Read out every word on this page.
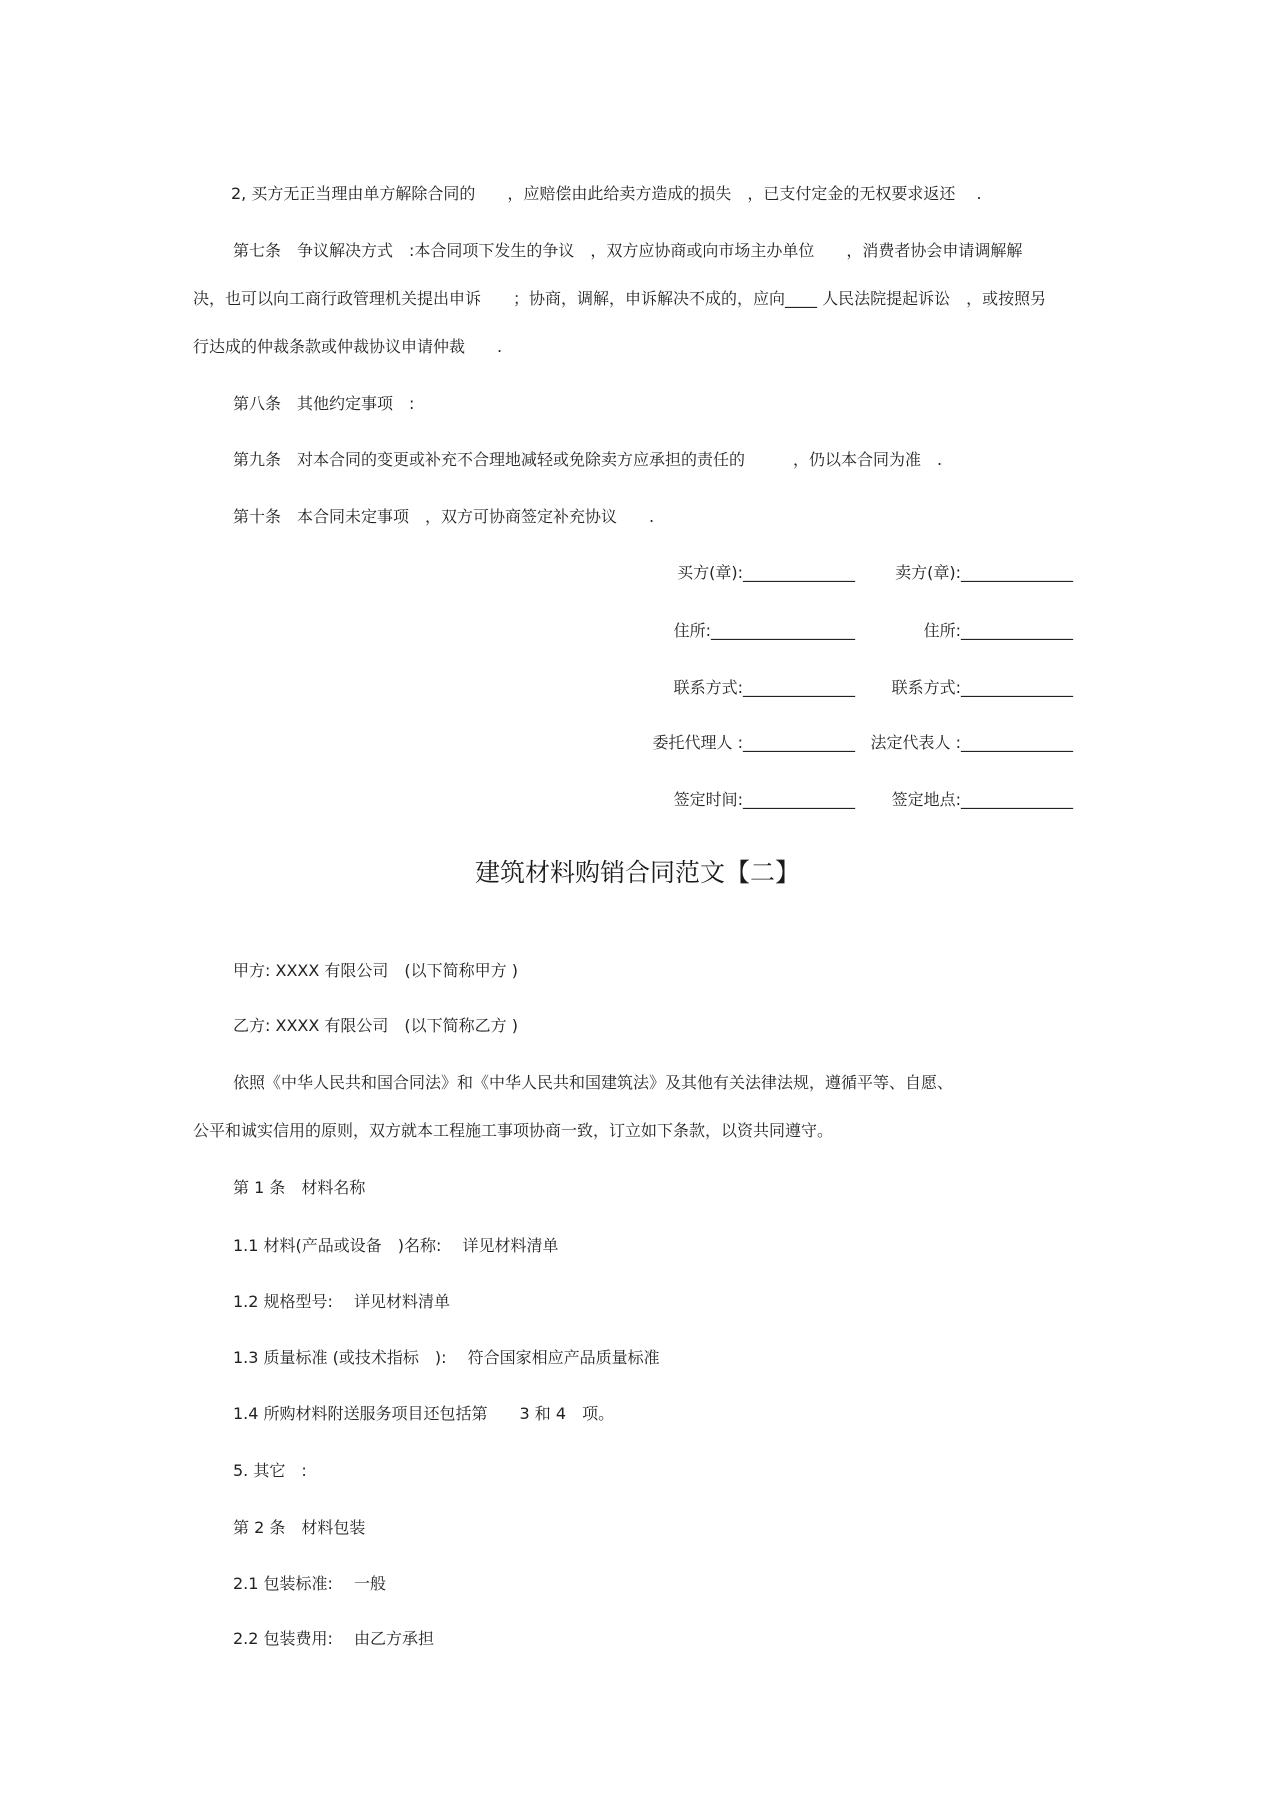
2, 买方无正当理由单方解除合同的　　，应赔偿由此给卖方造成的损失　，已支付定金的无权要求返还　 .
第七条　争议解决方式　:本合同项下发生的争议　，双方应协商或向市场主办单位　　，消费者协会申请调解解
决，也可以向工商行政管理机关提出申诉　　；协商，调解，申诉解决不成的，应向____ 人民法院提起诉讼　，或按照另
行达成的仲裁条款或仲裁协议申请仲裁　　.
第八条　其他约定事项　:
第九条　对本合同的变更或补充不合理地减轻或免除卖方应承担的责任的　　　，仍以本合同为准　.
第十条　本合同未定事项　，双方可协商签定补充协议　　.
买方(章):______________	卖方(章):______________
住所:__________________	住所:______________
联系方式:______________ 联系方式:______________
委托代理人 :______________ 法定代表人 :______________
签定时间:______________ 签定地点:______________
建筑材料购销合同范文【二】
甲方: XXXX 有限公司　(以下简称甲方 )
乙方: XXXX 有限公司　(以下简称乙方 )
依照《中华人民共和国合同法》和《中华人民共和国建筑法》及其他有关法律法规，遵循平等、自愿、
公平和诚实信用的原则，双方就本工程施工事项协商一致，订立如下条款，以资共同遵守。
第 1 条　材料名称
1.1 材料(产品或设备　)名称:　 详见材料清单
1.2 规格型号:　 详见材料清单
1.3 质量标准 (或技术指标　):　 符合国家相应产品质量标准
1.4 所购材料附送服务项目还包括第　　3 和 4　项。
5. 其它　:
第 2 条　材料包装
2.1 包装标准:　 一般
2.2 包装费用:　 由乙方承担
